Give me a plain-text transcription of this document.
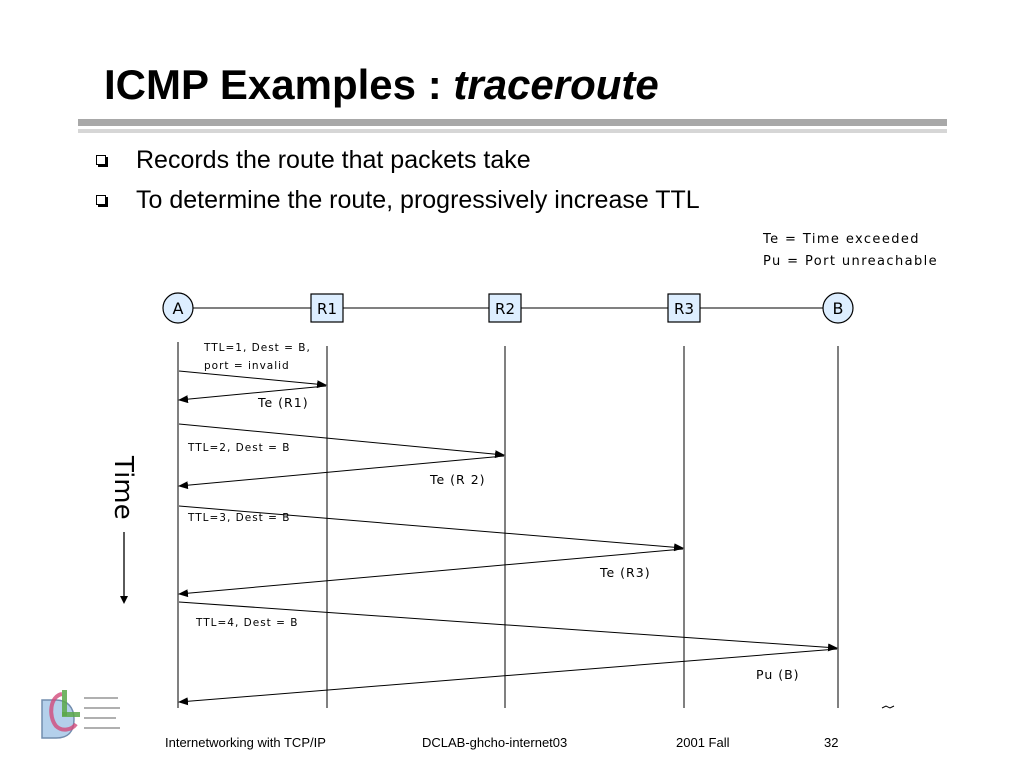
ICMP Examples : traceroute
Records the route that packets take
To determine the route, progressively increase TTL
Te = Time exceeded
Pu = Port unreachable
A	R1	R2	R3	B
TTL=1, Dest = B,
port = invalid
Te (R1)
TTL=2, Dest = B
Te (R 2)
TTL=3, Dest = B
Te (R3)
TTL=4, Dest = B
Pu (B)
Time
Internetworking with TCP/IP	DCLAB-ghcho-internet03	2001 Fall	32
